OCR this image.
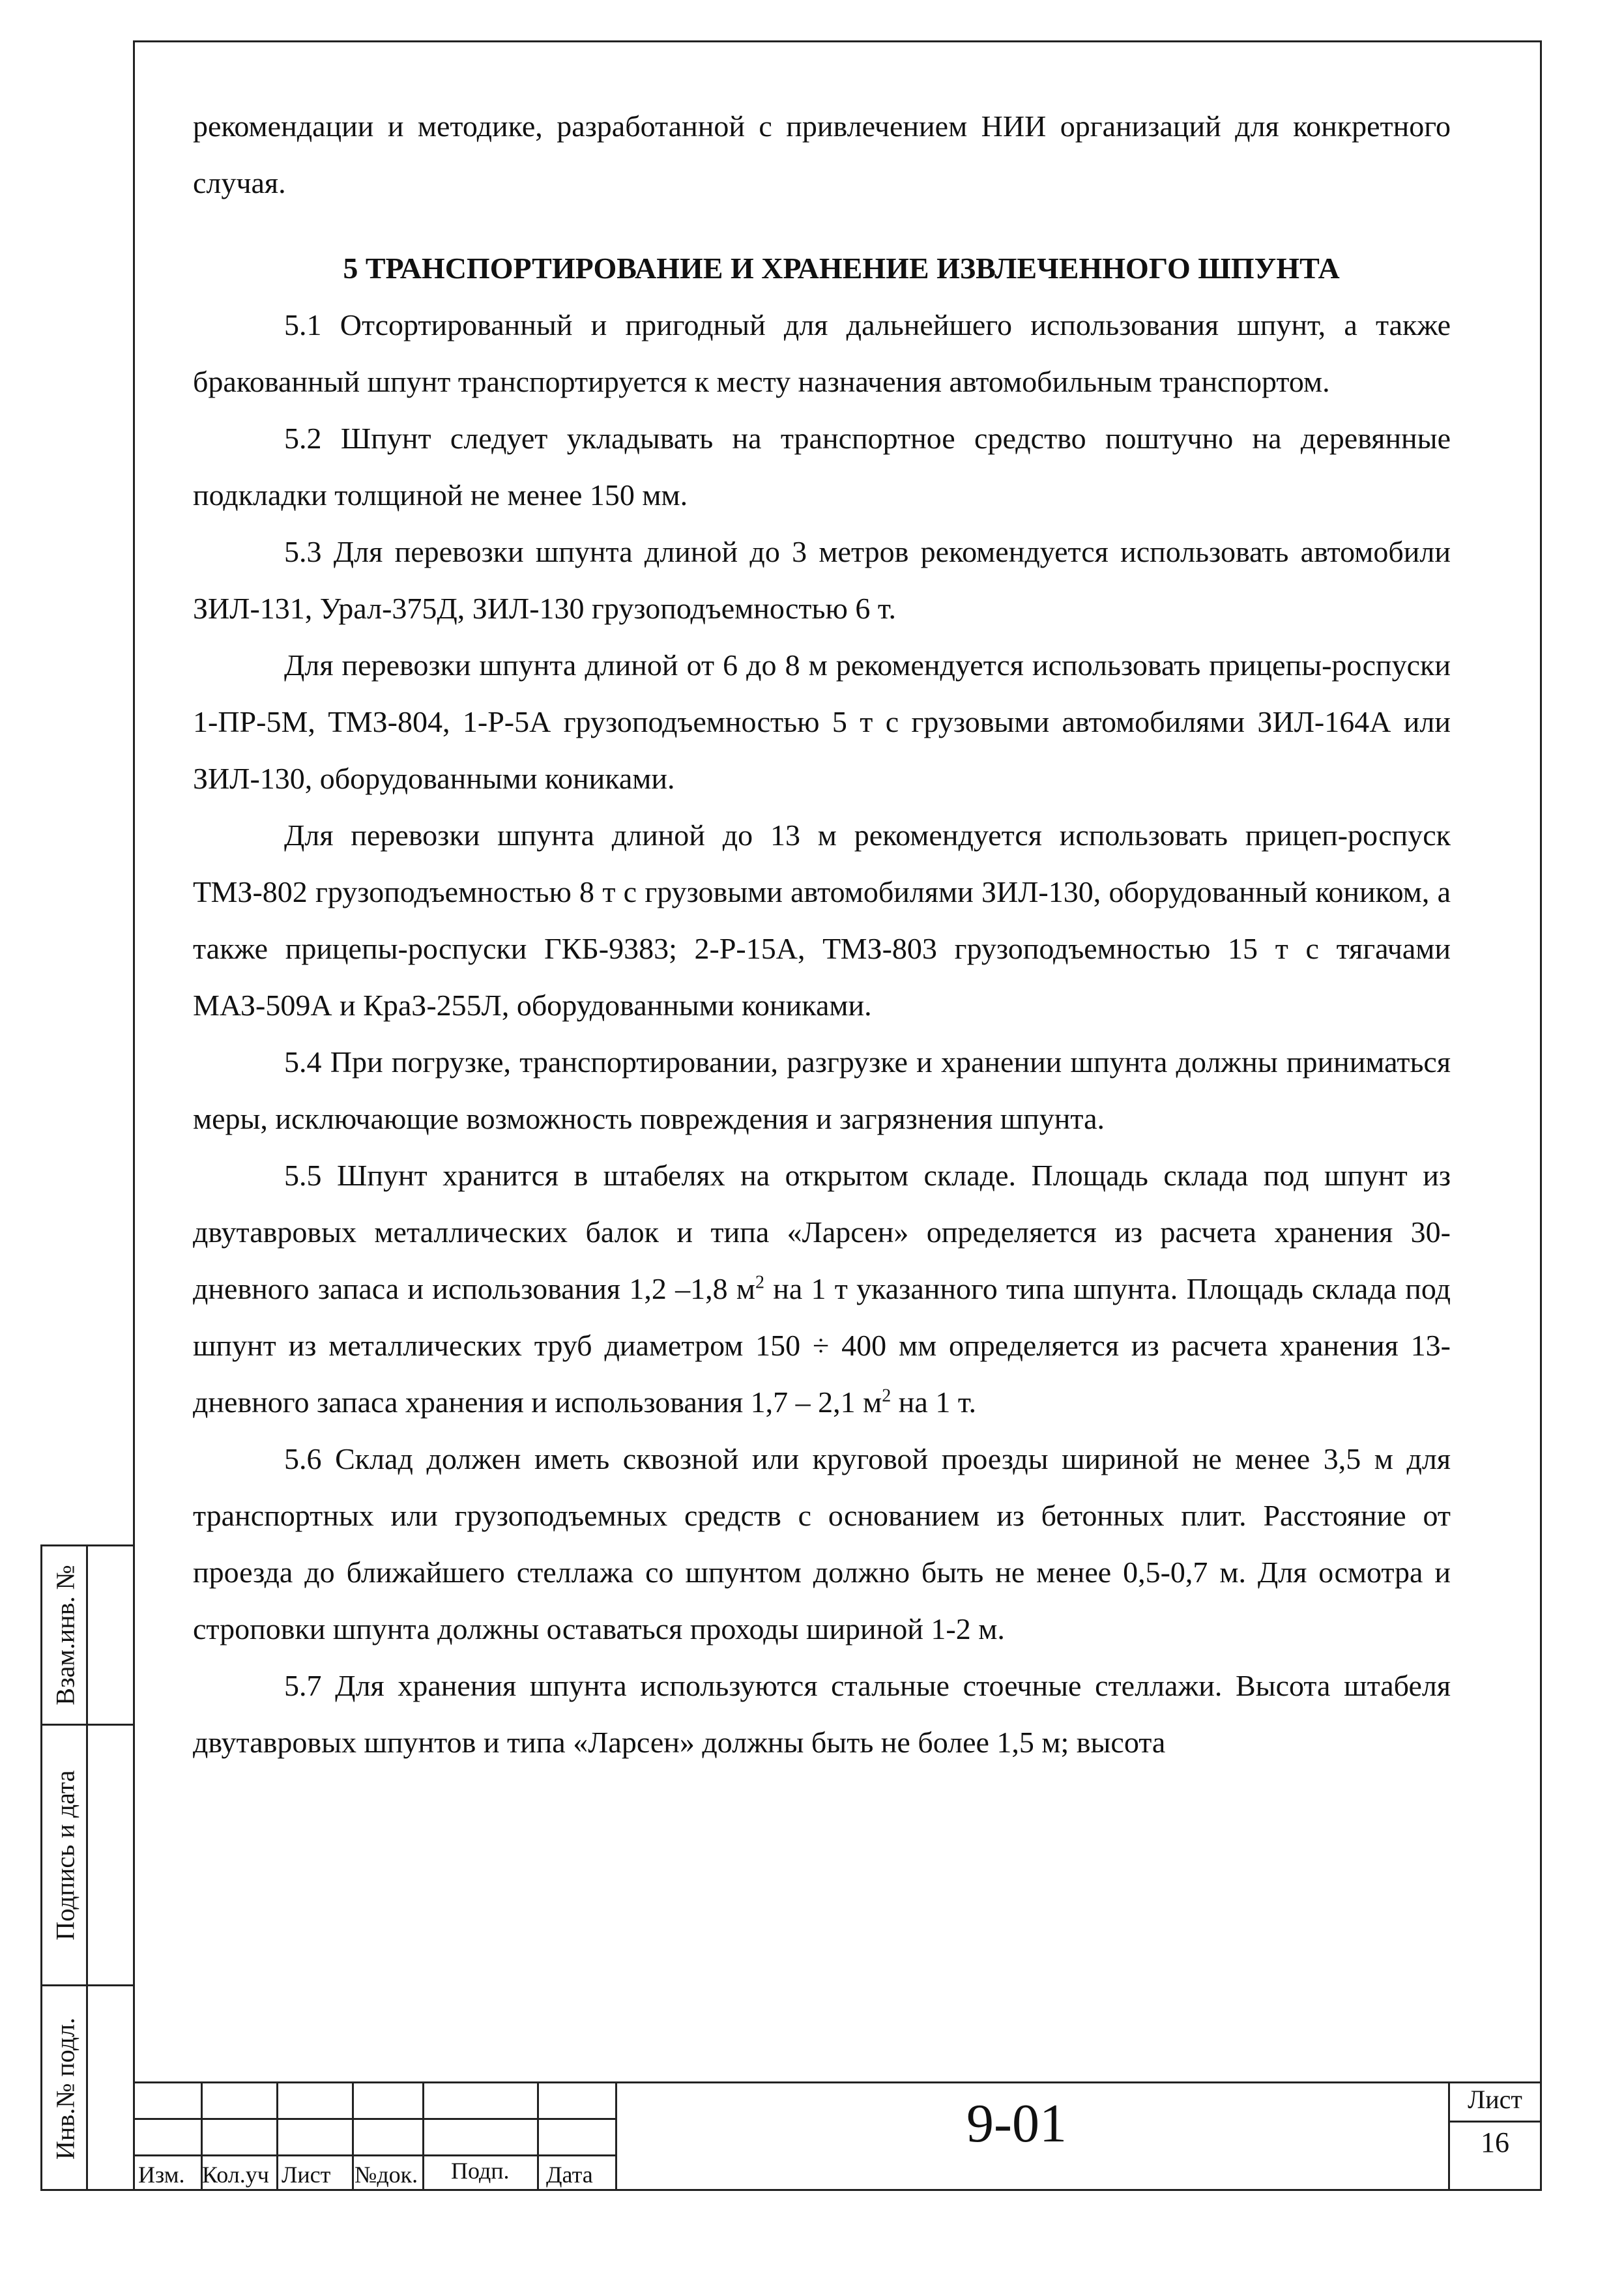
рекомендации и методике, разработанной с привлечением НИИ организаций для конкретного случая.

5 ТРАНСПОРТИРОВАНИЕ И ХРАНЕНИЕ ИЗВЛЕЧЕННОГО ШПУНТА

5.1 Отсортированный и пригодный для дальнейшего использования шпунт, а также бракованный шпунт транспортируется к месту назначения автомобильным транспортом.

5.2 Шпунт следует укладывать на транспортное средство поштучно на деревянные подкладки толщиной не менее 150 мм.

5.3 Для перевозки шпунта длиной до 3 метров рекомендуется использовать автомобили ЗИЛ-131, Урал-375Д, ЗИЛ-130 грузоподъемностью 6 т.

Для перевозки шпунта длиной от 6 до 8 м рекомендуется использовать прицепы-роспуски 1-ПР-5М, ТМЗ-804, 1-Р-5А грузоподъемностью 5 т с грузовыми автомобилями ЗИЛ-164А или ЗИЛ-130, оборудованными кониками.

Для перевозки шпунта длиной до 13 м рекомендуется использовать прицеп-роспуск ТМЗ-802 грузоподъемностью 8 т с грузовыми автомобилями ЗИЛ-130, оборудованный коником, а также прицепы-роспуски ГКБ-9383; 2-Р-15А, ТМЗ-803 грузоподъемностью 15 т с тягачами МАЗ-509А и КраЗ-255Л, оборудованными кониками.

5.4 При погрузке, транспортировании, разгрузке и хранении шпунта должны приниматься меры, исключающие возможность повреждения и загрязнения шпунта.

5.5 Шпунт хранится в штабелях на открытом складе. Площадь склада под шпунт из двутавровых металлических балок и типа «Ларсен» определяется из расчета хранения 30-дневного запаса и использования 1,2 –1,8 $м^2$ на 1 т указанного типа шпунта. Площадь склада под шпунт из металлических труб диаметром 150 ÷ 400 мм определяется из расчета хранения 13-дневного запаса хранения и использования 1,7 – 2,1 $м^2$ на 1 т.

5.6 Склад должен иметь сквозной или круговой проезды шириной не менее 3,5 м для транспортных или грузоподъемных средств с основанием из бетонных плит. Расстояние от проезда до ближайшего стеллажа со шпунтом должно быть не менее 0,5-0,7 м. Для осмотра и строповки шпунта должны оставаться проходы шириной 1-2 м.

5.7 Для хранения шпунта используются стальные стоечные стеллажи. Высота штабеля двутавровых шпунтов и типа «Ларсен» должны быть не более 1,5 м; высота

Взам.инв. №
Подпись и дата
Инв.№ подл.
Изм. Кол.уч Лист №док. Подп. Дата
9-01	Лист
16
